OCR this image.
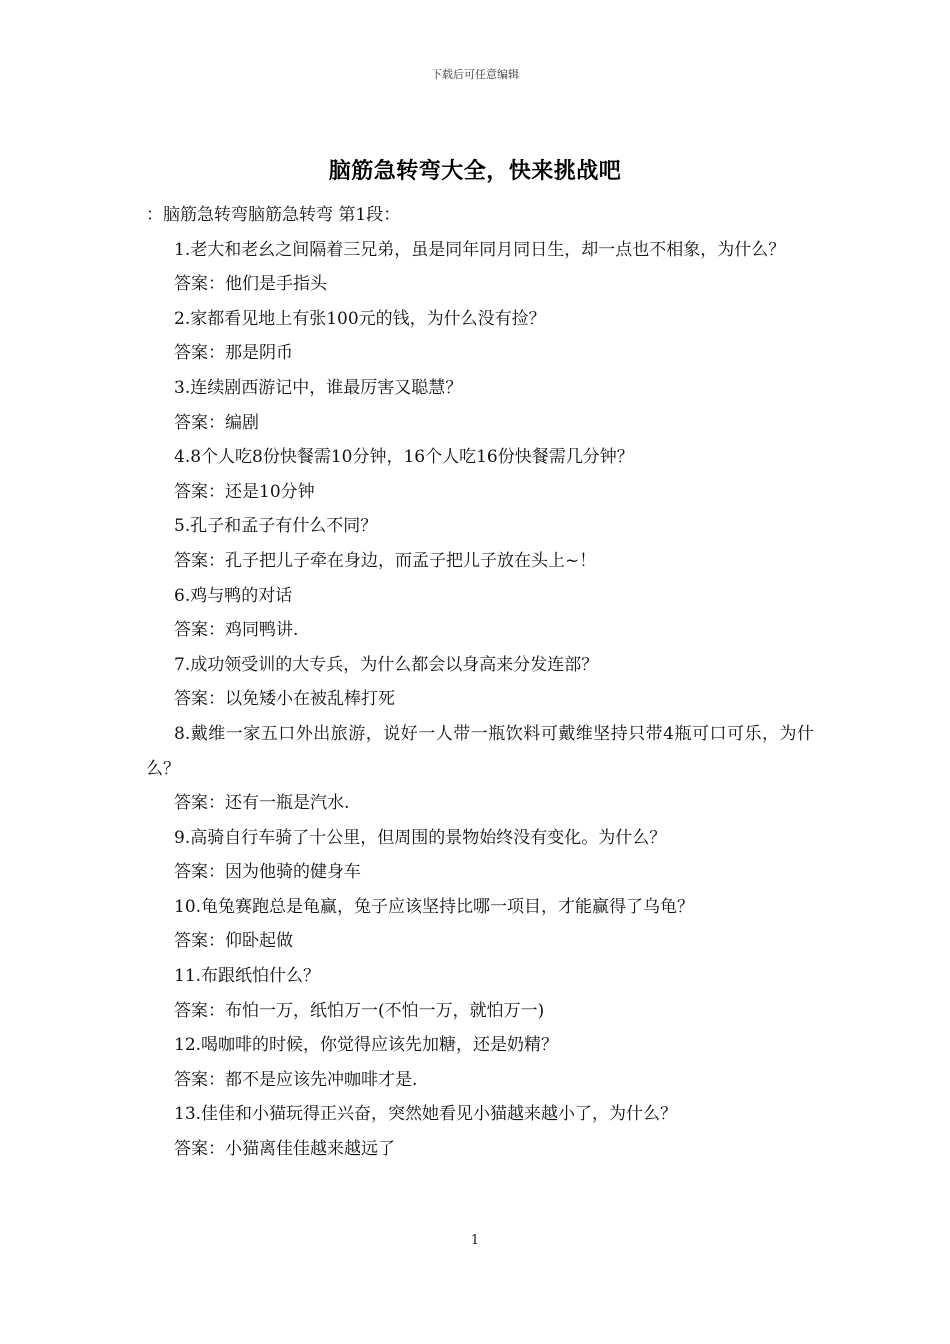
下载后可任意编辑
脑筋急转弯大全，快来挑战吧
：脑筋急转弯脑筋急转弯 第1段：
1.老大和老幺之间隔着三兄弟，虽是同年同月同日生，却一点也不相象，为什么？
答案：他们是手指头
2.家都看见地上有张100元的钱，为什么没有捡？
答案：那是阴币
3.连续剧西游记中，谁最厉害又聪慧？
答案：编剧
4.8个人吃8份快餐需10分钟，16个人吃16份快餐需几分钟？
答案：还是10分钟
5.孔子和孟子有什么不同？
答案：孔子把儿子牵在身边，而孟子把儿子放在头上~！
6.鸡与鸭的对话
答案：鸡同鸭讲.
7.成功领受训的大专兵，为什么都会以身高来分发连部？
答案：以免矮小在被乱棒打死
8.戴维一家五口外出旅游，说好一人带一瓶饮料可戴维坚持只带4瓶可口可乐，为什么？
答案：还有一瓶是汽水.
9.高骑自行车骑了十公里，但周围的景物始终没有变化。为什么？
答案：因为他骑的健身车
10.龟兔赛跑总是龟赢，兔子应该坚持比哪一项目，才能赢得了乌龟？
答案：仰卧起做
11.布跟纸怕什么？
答案：布怕一万，纸怕万一(不怕一万，就怕万一)
12.喝咖啡的时候，你觉得应该先加糖，还是奶精？
答案：都不是应该先冲咖啡才是.
13.佳佳和小猫玩得正兴奋，突然她看见小猫越来越小了，为什么？
答案：小猫离佳佳越来越远了
1
